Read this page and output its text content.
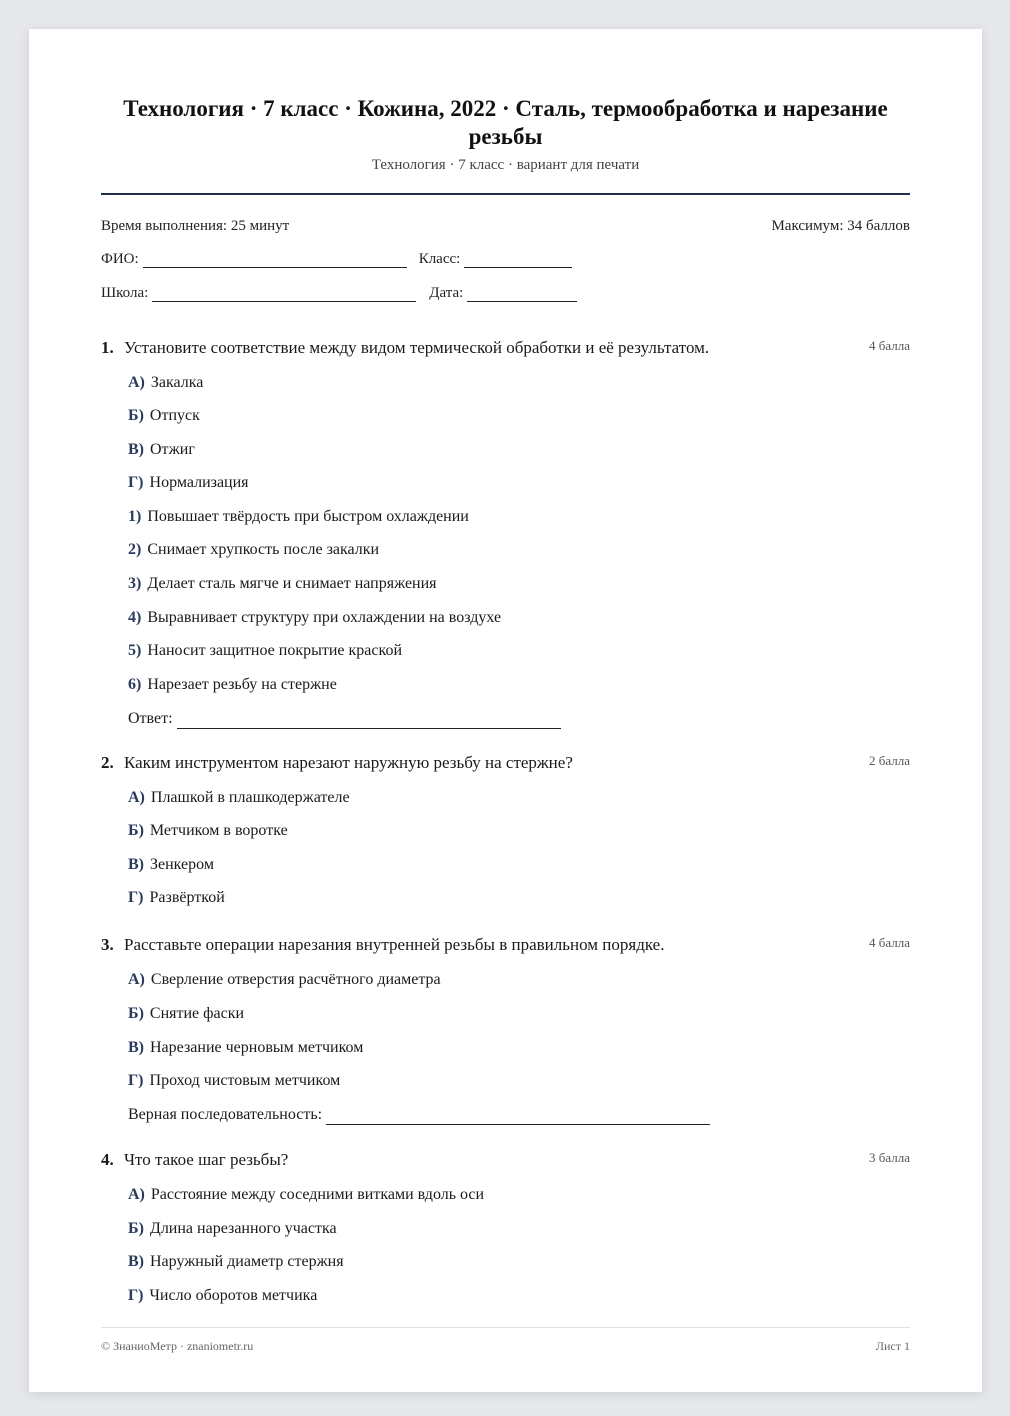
Технология · 7 класс · Кожина, 2022 · Сталь, термообработка и нарезание резьбы
Технология · 7 класс · вариант для печати
Время выполнения: 25 минут	Максимум: 34 баллов
ФИО:	Класс:
Школа:	Дата:
1. Установите соответствие между видом термической обработки и её результатом.	4 балла
А) Закалка
Б) Отпуск
В) Отжиг
Г) Нормализация
1) Повышает твёрдость при быстром охлаждении
2) Снимает хрупкость после закалки
3) Делает сталь мягче и снимает напряжения
4) Выравнивает структуру при охлаждении на воздухе
5) Наносит защитное покрытие краской
6) Нарезает резьбу на стержне
Ответ:
2. Каким инструментом нарезают наружную резьбу на стержне?	2 балла
А) Плашкой в плашкодержателе
Б) Метчиком в воротке
В) Зенкером
Г) Развёрткой
3. Расставьте операции нарезания внутренней резьбы в правильном порядке.	4 балла
А) Сверление отверстия расчётного диаметра
Б) Снятие фаски
В) Нарезание черновым метчиком
Г) Проход чистовым метчиком
Верная последовательность:
4. Что такое шаг резьбы?	3 балла
А) Расстояние между соседними витками вдоль оси
Б) Длина нарезанного участка
В) Наружный диаметр стержня
Г) Число оборотов метчика
© ЗнаниоМетр · znaniometr.ru	Лист 1
